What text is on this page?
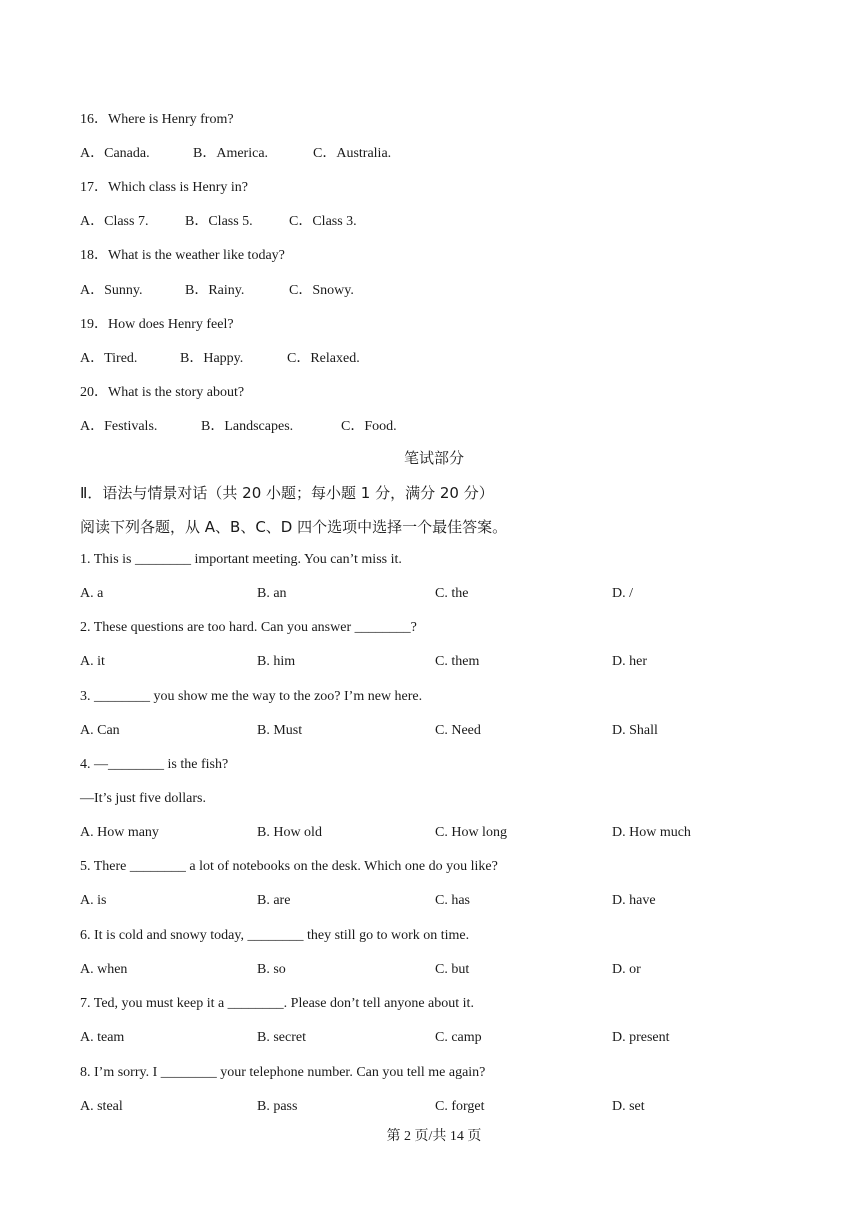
16．Where is Henry from?
A．Canada.	B．America.	C．Australia.
17．Which class is Henry in?
A．Class 7.	B．Class 5.	C．Class 3.
18．What is the weather like today?
A．Sunny.	B．Rainy.	C．Snowy.
19．How does Henry feel?
A．Tired.	B．Happy.	C．Relaxed.
20．What is the story about?
A．Festivals.	B．Landscapes.	C．Food.
笔试部分
Ⅱ．语法与情景对话（共 20 小题；每小题 1 分，满分 20 分）
阅读下列各题，从 A、B、C、D 四个选项中选择一个最佳答案。
1. This is ________ important meeting. You can’t miss it.
A. a	B. an	C. the	D. /
2. These questions are too hard. Can you answer ________?
A. it	B. him	C. them	D. her
3. ________ you show me the way to the zoo? I’m new here.
A. Can	B. Must	C. Need	D. Shall
4. —________ is the fish?
—It’s just five dollars.
A. How many	B. How old	C. How long	D. How much
5. There ________ a lot of notebooks on the desk. Which one do you like?
A. is	B. are	C. has	D. have
6. It is cold and snowy today, ________ they still go to work on time.
A. when	B. so	C. but	D. or
7. Ted, you must keep it a ________. Please don’t tell anyone about it.
A. team	B. secret	C. camp	D. present
8. I’m sorry. I ________ your telephone number. Can you tell me again?
A. steal	B. pass	C. forget	D. set
第 2 页/共 14 页
